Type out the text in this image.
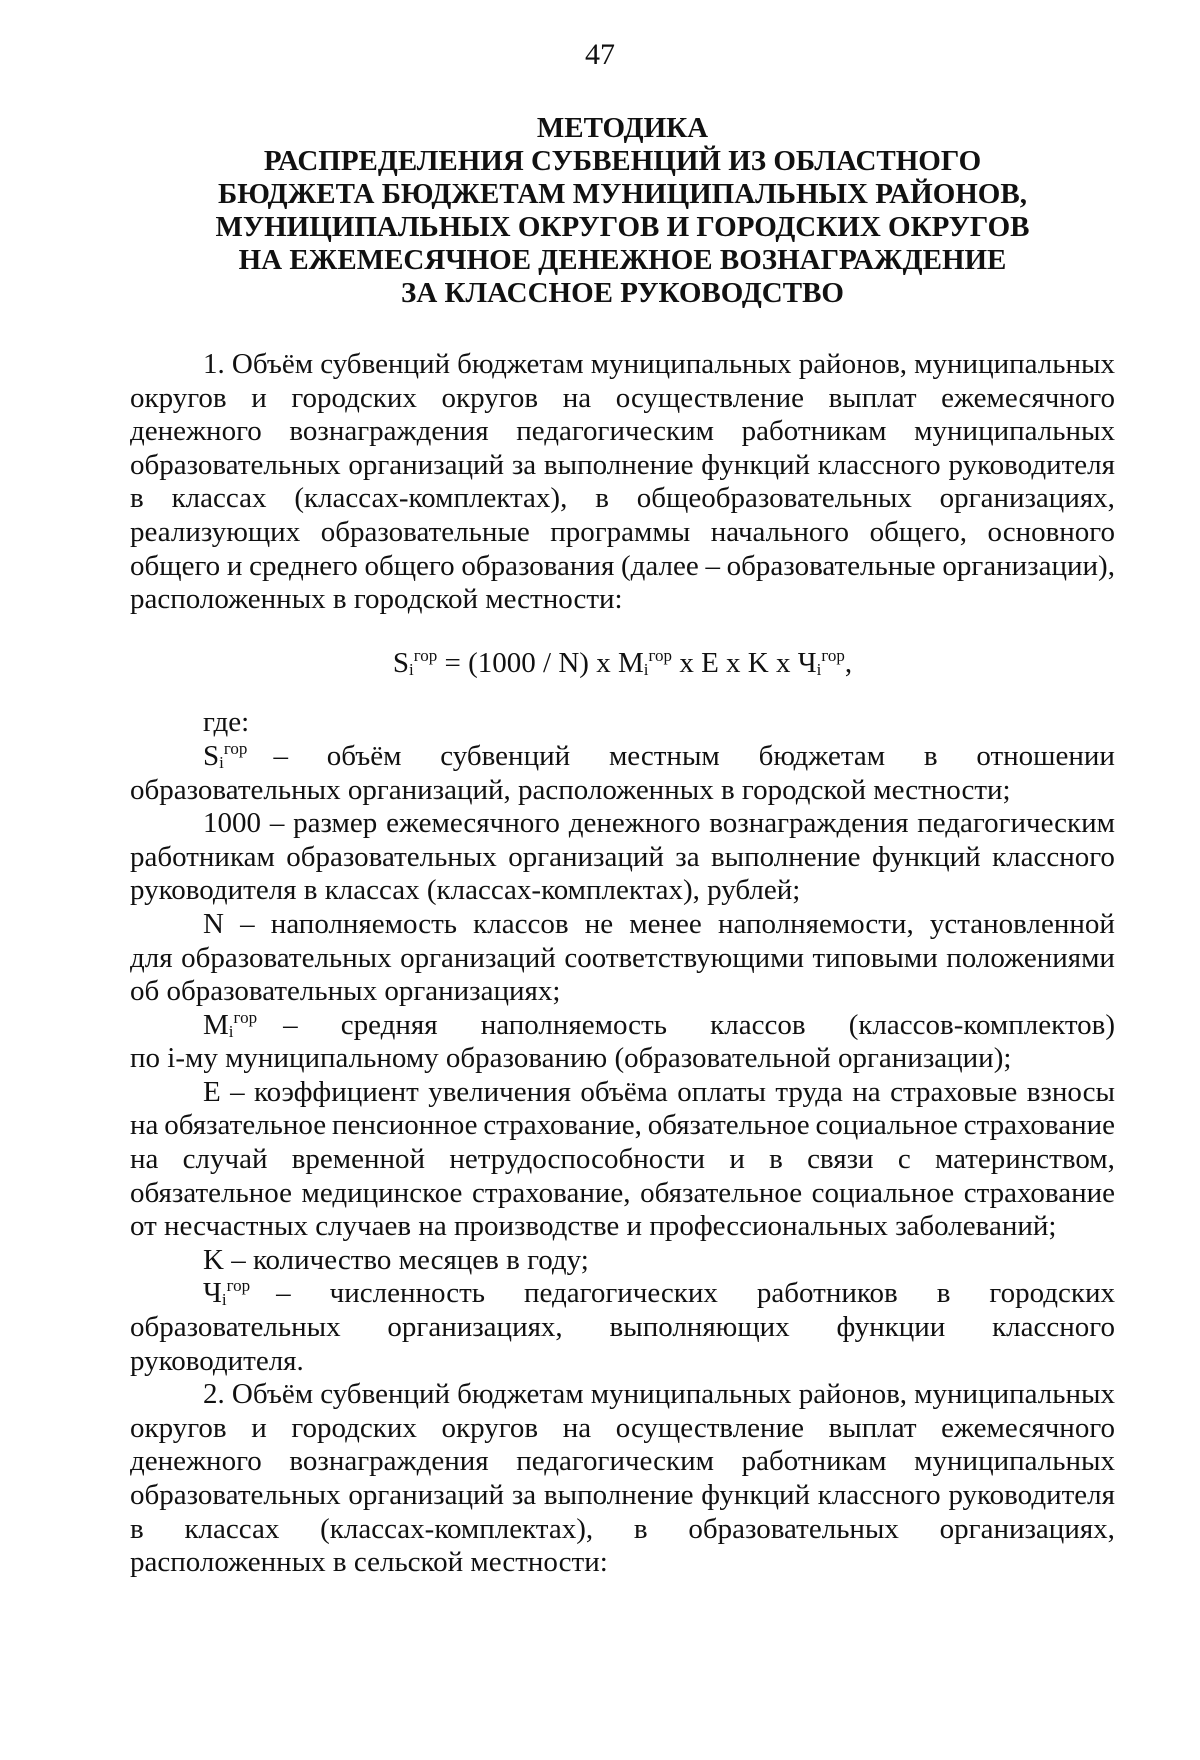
47
МЕТОДИКА
РАСПРЕДЕЛЕНИЯ СУБВЕНЦИЙ ИЗ ОБЛАСТНОГО
БЮДЖЕТА БЮДЖЕТАМ МУНИЦИПАЛЬНЫХ РАЙОНОВ,
МУНИЦИПАЛЬНЫХ ОКРУГОВ И ГОРОДСКИХ ОКРУГОВ
НА ЕЖЕМЕСЯЧНОЕ ДЕНЕЖНОЕ ВОЗНАГРАЖДЕНИЕ
ЗА КЛАССНОЕ РУКОВОДСТВО
1. Объём субвенций бюджетам муниципальных районов, муниципальных
округов и городских округов на осуществление выплат ежемесячного
денежного вознаграждения педагогическим работникам муниципальных
образовательных организаций за выполнение функций классного руководителя
в классах (классах-комплектах), в общеобразовательных организациях,
реализующих образовательные программы начального общего, основного
общего и среднего общего образования (далее – образовательные организации),
расположенных в городской местности:
$S_i^{гор} = (1000 / N)$ x $M_i^{гор}$ x E x K x $Ч_i^{гор}$,
где:
$S_i^{гор}$ – объём субвенций местным бюджетам в отношении
образовательных организаций, расположенных в городской местности;
1000 – размер ежемесячного денежного вознаграждения педагогическим
работникам образовательных организаций за выполнение функций классного
руководителя в классах (классах-комплектах), рублей;
N – наполняемость классов не менее наполняемости, установленной
для образовательных организаций соответствующими типовыми положениями
об образовательных организациях;
$M_i^{гор}$ – средняя наполняемость классов (классов-комплектов)
по i-му муниципальному образованию (образовательной организации);
E – коэффициент увеличения объёма оплаты труда на страховые взносы
на обязательное пенсионное страхование, обязательное социальное страхование
на случай временной нетрудоспособности и в связи с материнством,
обязательное медицинское страхование, обязательное социальное страхование
от несчастных случаев на производстве и профессиональных заболеваний;
K – количество месяцев в году;
$Ч_i^{гор}$ – численность педагогических работников в городских
образовательных организациях, выполняющих функции классного
руководителя.
2. Объём субвенций бюджетам муниципальных районов, муниципальных
округов и городских округов на осуществление выплат ежемесячного
денежного вознаграждения педагогическим работникам муниципальных
образовательных организаций за выполнение функций классного руководителя
в классах (классах-комплектах), в образовательных организациях,
расположенных в сельской местности:
